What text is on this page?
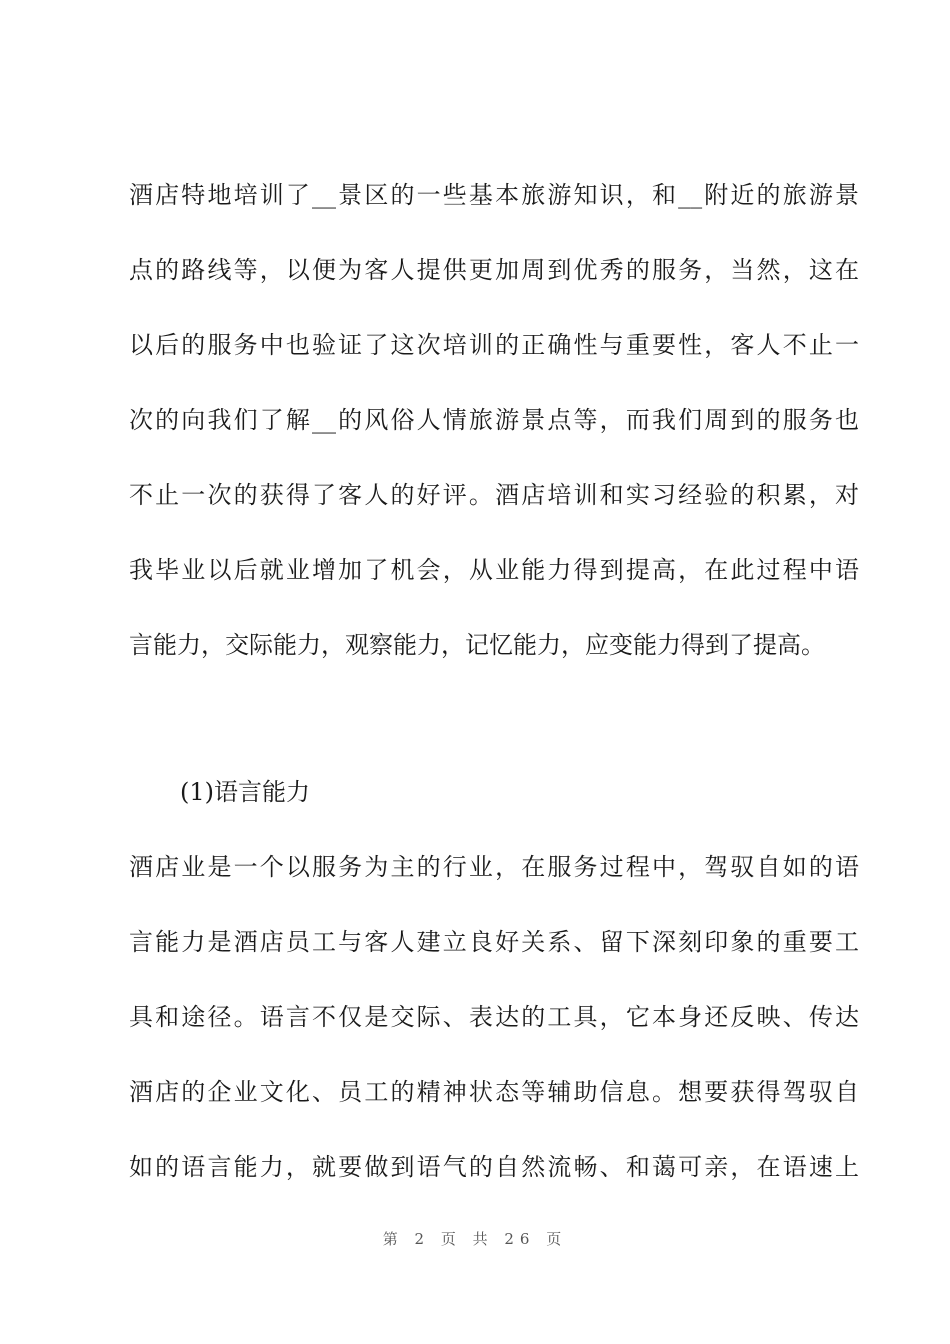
酒店特地培训了__景区的一些基本旅游知识，和__附近的旅游景
点的路线等，以便为客人提供更加周到优秀的服务，当然，这在
以后的服务中也验证了这次培训的正确性与重要性，客人不止一
次的向我们了解__的风俗人情旅游景点等，而我们周到的服务也
不止一次的获得了客人的好评。酒店培训和实习经验的积累，对
我毕业以后就业增加了机会，从业能力得到提高，在此过程中语
言能力，交际能力，观察能力，记忆能力，应变能力得到了提高。
(1)语言能力
酒店业是一个以服务为主的行业，在服务过程中，驾驭自如的语
言能力是酒店员工与客人建立良好关系、留下深刻印象的重要工
具和途径。语言不仅是交际、表达的工具，它本身还反映、传达
酒店的企业文化、员工的精神状态等辅助信息。想要获得驾驭自
如的语言能力，就要做到语气的自然流畅、和蔼可亲，在语速上
第 2 页 共 26 页
